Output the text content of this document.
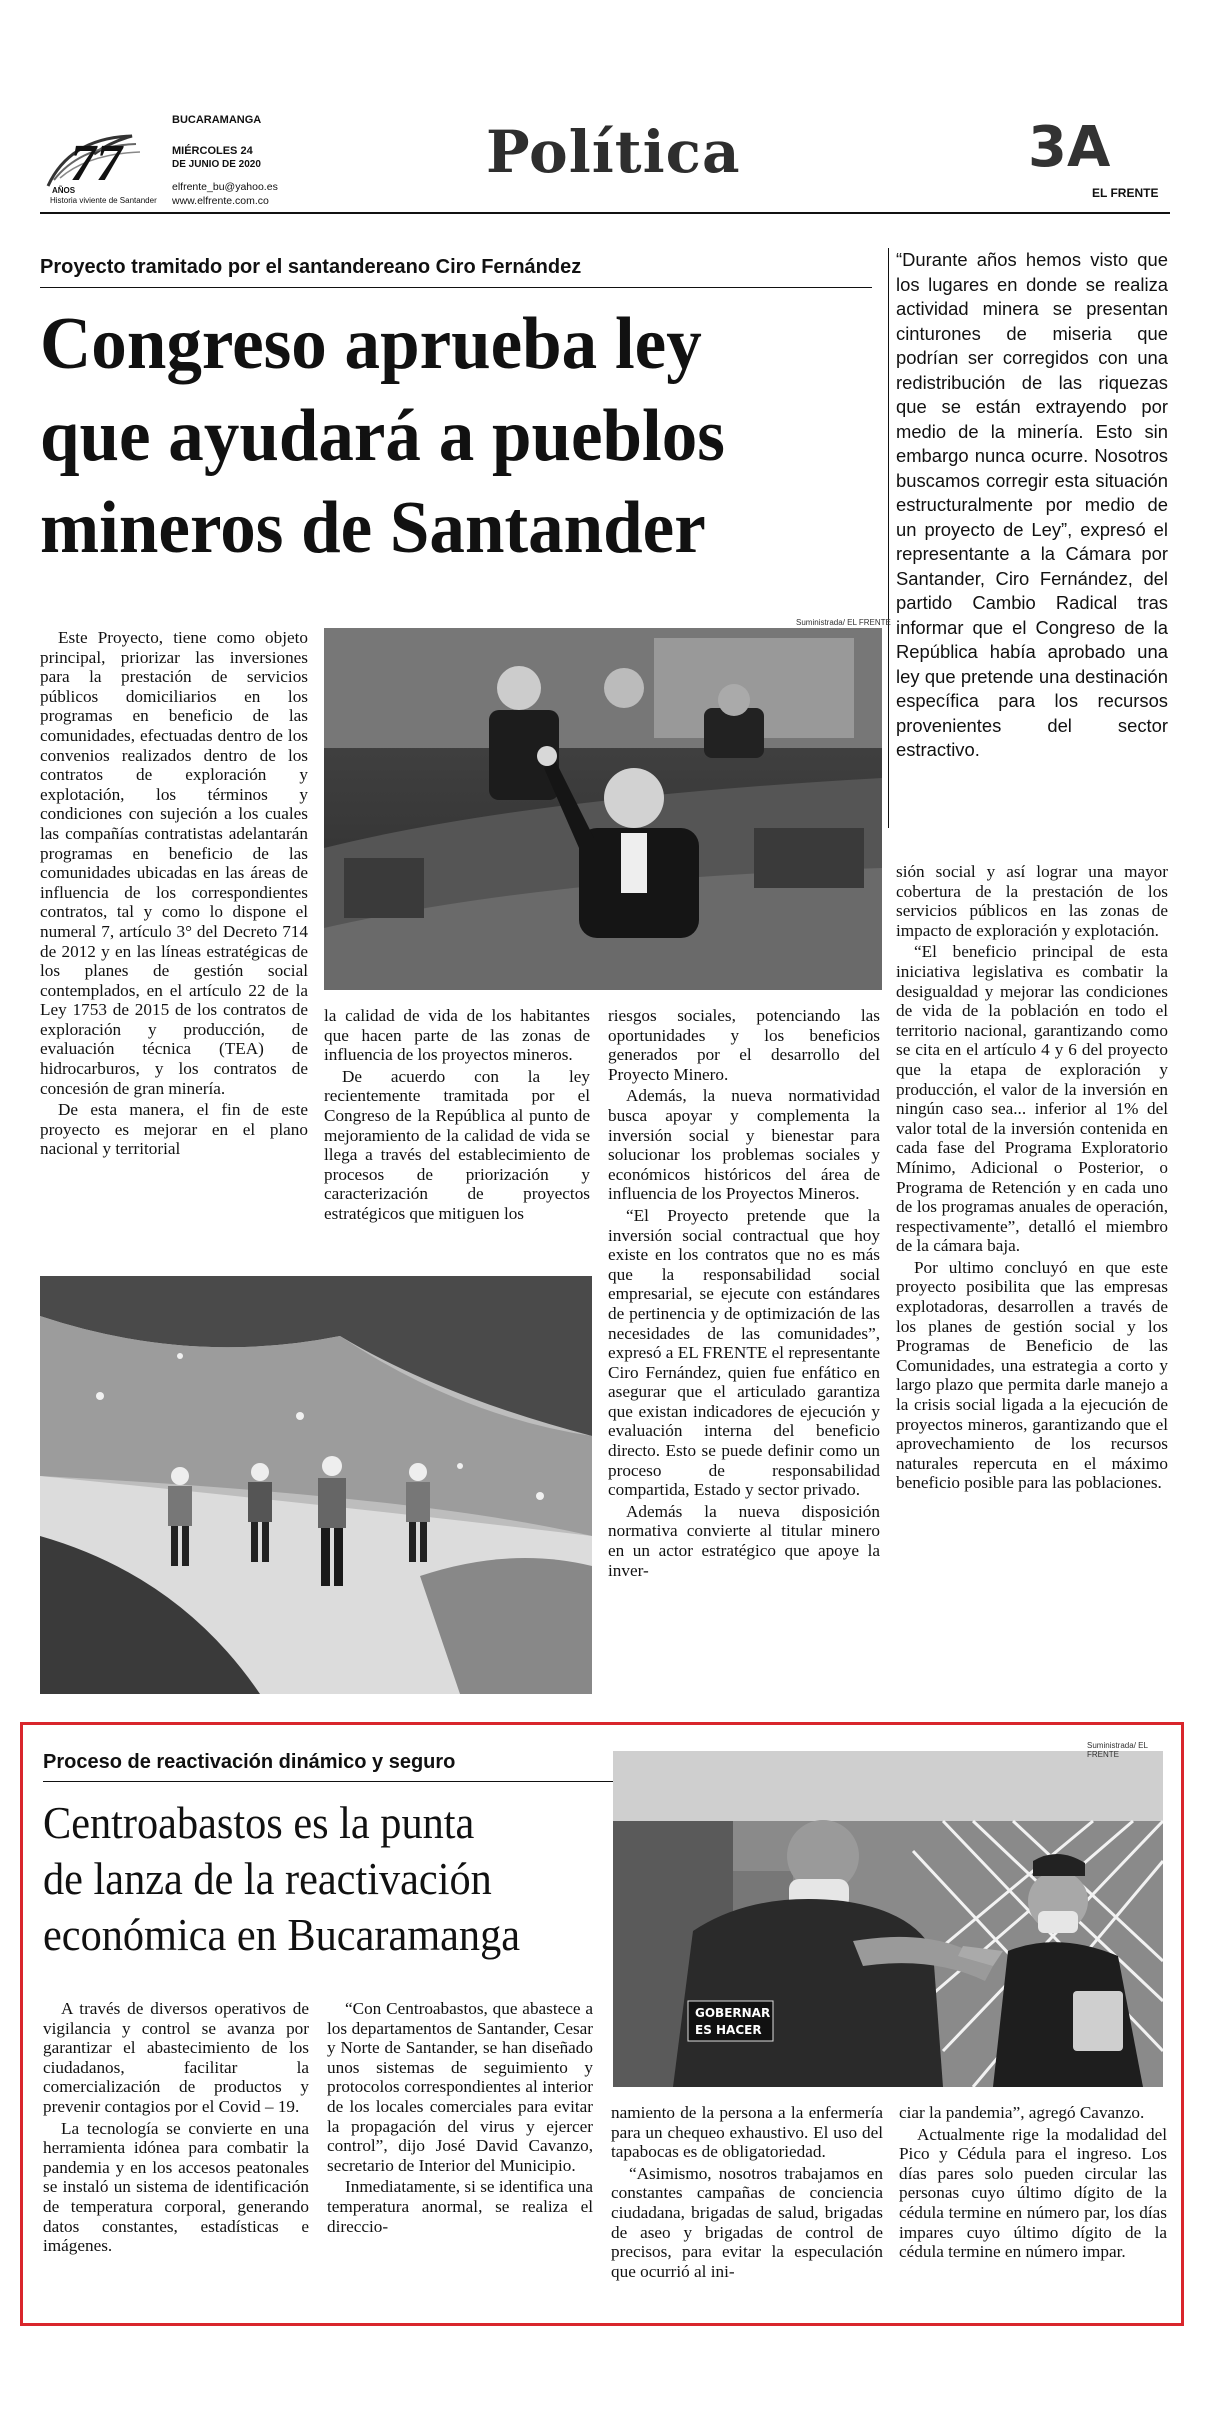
77
AÑOS
Historia viviente de Santander
BUCARAMANGA
MIÉRCOLES 24
DE JUNIO DE 2020
elfrente_bu@yahoo.es
www.elfrente.com.co
Política	3A
EL FRENTE
Proyecto tramitado por el santandereano Ciro Fernández
Congreso aprueba ley
que ayudará a pueblos
mineros de Santander

“Durante años hemos visto que los lugares en donde se realiza actividad minera se presentan cinturones de miseria que podrían ser corregidos con una redistribución de las riquezas que se están extrayendo por medio de la minería. Esto sin embargo nunca ocurre. Nosotros buscamos corregir esta situación estructuralmente por medio de un proyecto de Ley”, expresó el representante a la Cámara por Santander, Ciro Fernández, del partido Cambio Radical tras informar que el Congreso de la República había aprobado una ley que pretende una destinación específica para los recursos provenientes del sector estractivo.

Suministrada/ EL FRENTE

Este Proyecto, tiene como objeto principal, priorizar las inversiones para la prestación de servicios públicos domiciliarios en los programas en beneficio de las comunidades, efectuadas dentro de los convenios realizados dentro de los contratos de exploración y explotación, los términos y condiciones con sujeción a los cuales las compañías contratistas adelantarán programas en beneficio de las comunidades ubicadas en las áreas de influencia de los correspondientes contratos, tal y como lo dispone el numeral 7, artículo 3° del Decreto 714 de 2012 y en las líneas estratégicas de los planes de gestión social contemplados, en el artículo 22 de la Ley 1753 de 2015 de los contratos de exploración y producción, de evaluación técnica (TEA) de hidrocarburos, y los contratos de concesión de gran minería.

De esta manera, el fin de este proyecto es mejorar en el plano nacional y territorial

la calidad de vida de los habitantes que hacen parte de las zonas de influencia de los proyectos mineros.

De acuerdo con la ley recientemente tramitada por el Congreso de la República al punto de mejoramiento de la calidad de vida se llega a través del establecimiento de procesos de priorización y caracterización de proyectos estratégicos que mitiguen los

riesgos sociales, potenciando las oportunidades y los beneficios generados por el desarrollo del Proyecto Minero.

Además, la nueva normatividad busca apoyar y complementa la inversión social y bienestar para solucionar los problemas sociales y económicos históricos del área de influencia de los Proyectos Mineros.

“El Proyecto pretende que la inversión social contractual que hoy existe en los contratos que no es más que la responsabilidad social empresarial, se ejecute con estándares de pertinencia y de optimización de las necesidades de las comunidades”, expresó a EL FRENTE el representante Ciro Fernández, quien fue enfático en asegurar que el articulado garantiza que existan indicadores de ejecución y evaluación interna del beneficio directo. Esto se puede definir como un proceso de responsabilidad compartida, Estado y sector privado.

Además la nueva disposición normativa convierte al titular minero en un actor estratégico que apoye la inver-

sión social y así lograr una mayor cobertura de la prestación de los servicios públicos en las zonas de impacto de exploración y explotación.

“El beneficio principal de esta iniciativa legislativa es combatir la desigualdad y mejorar las condiciones de vida de la población en todo el territorio nacional, garantizando como se cita en el artículo 4 y 6 del proyecto que la etapa de exploración y producción, el valor de la inversión en ningún caso sea... inferior al 1% del valor total de la inversión contenida en cada fase del Programa Exploratorio Mínimo, Adicional o Posterior, o Programa de Retención y en cada uno de los programas anuales de operación, respectivamente”, detalló el miembro de la cámara baja.

Por ultimo concluyó en que este proyecto posibilita que las empresas explotadoras, desarrollen a través de los planes de gestión social y los Programas de Beneficio de las Comunidades, una estrategia a corto y largo plazo que permita darle manejo a la crisis social ligada a la ejecución de proyectos mineros, garantizando que el aprovechamiento de los recursos naturales repercuta en el máximo beneficio posible para las poblaciones.

Proceso de reactivación dinámico y seguro
Centroabastos es la punta
de lanza de la reactivación
económica en Bucaramanga
GOBERNAR
ES HACER
Suministrada/ EL FRENTE

A través de diversos operativos de vigilancia y control se avanza por garantizar el abastecimiento de los ciudadanos, facilitar la comercialización de productos y prevenir contagios por el Covid – 19.

La tecnología se convierte en una herramienta idónea para combatir la pandemia y en los accesos peatonales se instaló un sistema de identificación de temperatura corporal, generando datos constantes, estadísticas e imágenes.

“Con Centroabastos, que abastece a los departamentos de Santander, Cesar y Norte de Santander, se han diseñado unos sistemas de seguimiento y protocolos correspondientes al interior de los locales comerciales para evitar la propagación del virus y ejercer control”, dijo José David Cavanzo, secretario de Interior del Municipio.

Inmediatamente, si se identifica una temperatura anormal, se realiza el direccio-

namiento de la persona a la enfermería para un chequeo exhaustivo. El uso del tapabocas es de obligatoriedad.

“Asimismo, nosotros trabajamos en constantes campañas de conciencia ciudadana, brigadas de salud, brigadas de aseo y brigadas de control de precisos, para evitar la especulación que ocurrió al ini-

ciar la pandemia”, agregó Cavanzo.

Actualmente rige la modalidad del Pico y Cédula para el ingreso. Los días pares solo pueden circular las personas cuyo último dígito de la cédula termine en número par, los días impares cuyo último dígito de la cédula termine en número impar.
